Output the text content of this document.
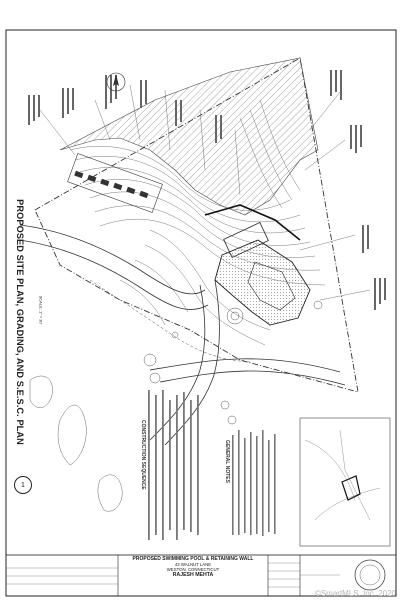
CONSTRUCTION SEQUENCE	GENERAL NOTES
PROPOSED SITE PLAN, GRADING, AND S.E.S.C. PLAN	SCALE: 1" = 30'
1
PROPOSED SWIMMING POOL & RETAINING WALL
43 WALNUT LANE
WESTON, CONNECTICUT
RAJESH MEHTA
©SmartMLS, Inc. 2020
